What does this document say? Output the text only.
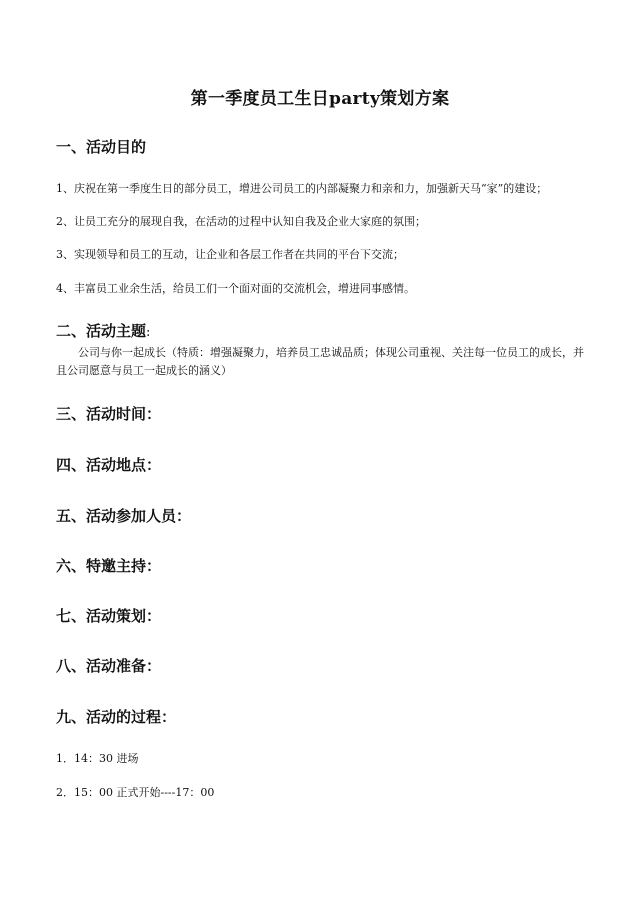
第一季度员工生日party策划方案
一、活动目的
1、庆祝在第一季度生日的部分员工，增进公司员工的内部凝聚力和亲和力，加强新天马“家”的建设；
2、让员工充分的展现自我，在活动的过程中认知自我及企业大家庭的氛围；
3、实现领导和员工的互动，让企业和各层工作者在共同的平台下交流；
4、丰富员工业余生活，给员工们一个面对面的交流机会，增进同事感情。
二、活动主题:
公司与你一起成长（特质：增强凝聚力，培养员工忠诚品质；体现公司重视、关注每一位员工的成长，并且公司愿意与员工一起成长的涵义）
三、活动时间：
四、活动地点：
五、活动参加人员：
六、特邀主持：
七、活动策划：
八、活动准备：
九、活动的过程：
1．14：30 进场
2．15：00 正式开始----17：00
